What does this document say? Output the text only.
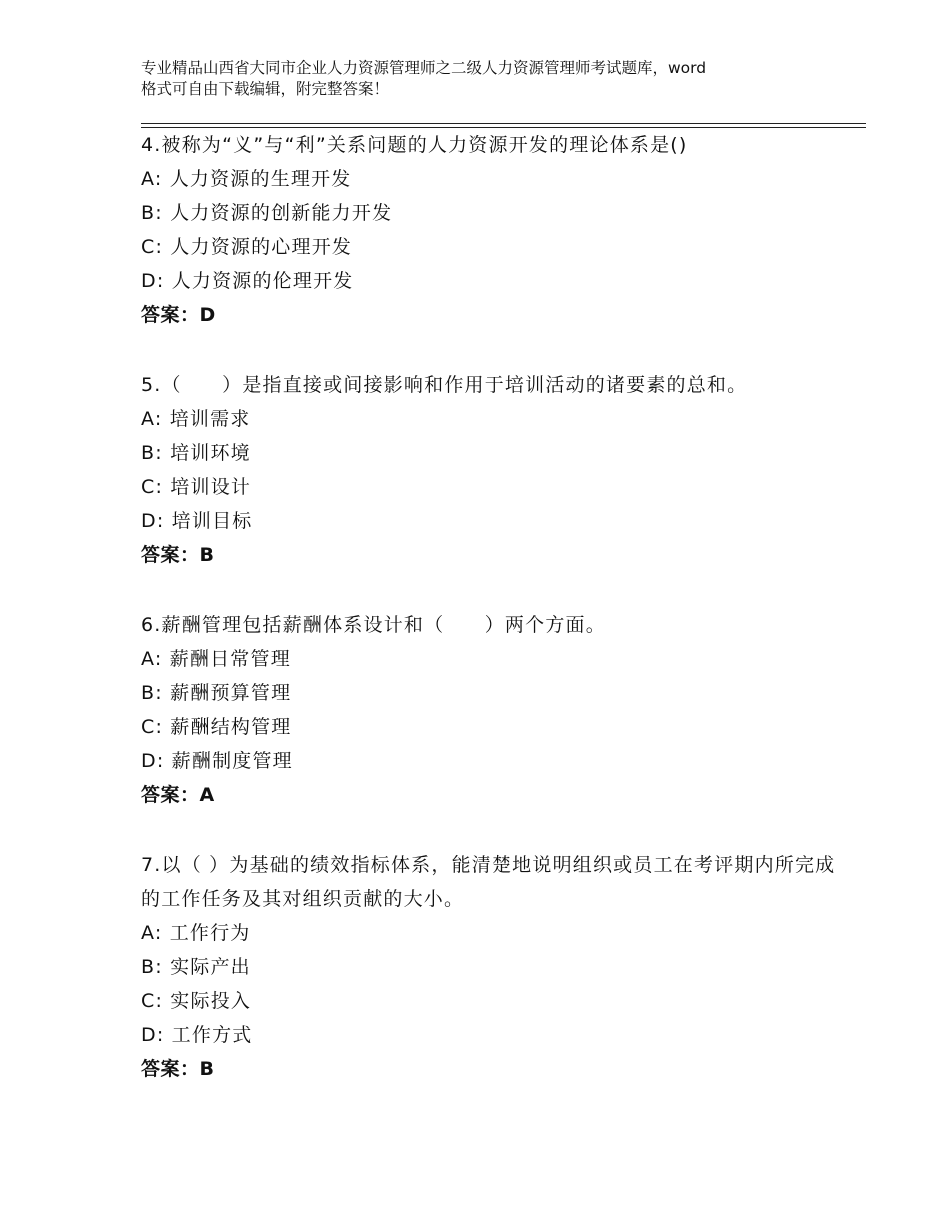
专业精品山西省大同市企业人力资源管理师之二级人力资源管理师考试题库，word
格式可自由下载编辑，附完整答案！
4.被称为“义”与“利”关系问题的人力资源开发的理论体系是()
A: 人力资源的生理开发
B: 人力资源的创新能力开发
C: 人力资源的心理开发
D: 人力资源的伦理开发
答案：D
5.（　　）是指直接或间接影响和作用于培训活动的诸要素的总和。
A: 培训需求
B: 培训环境
C: 培训设计
D: 培训目标
答案：B
6.薪酬管理包括薪酬体系设计和（　　）两个方面。
A: 薪酬日常管理
B: 薪酬预算管理
C: 薪酬结构管理
D: 薪酬制度管理
答案：A
7.以（ ）为基础的绩效指标体系，能清楚地说明组织或员工在考评期内所完成的工作任务及其对组织贡献的大小。
A: 工作行为
B: 实际产出
C: 实际投入
D: 工作方式
答案：B
